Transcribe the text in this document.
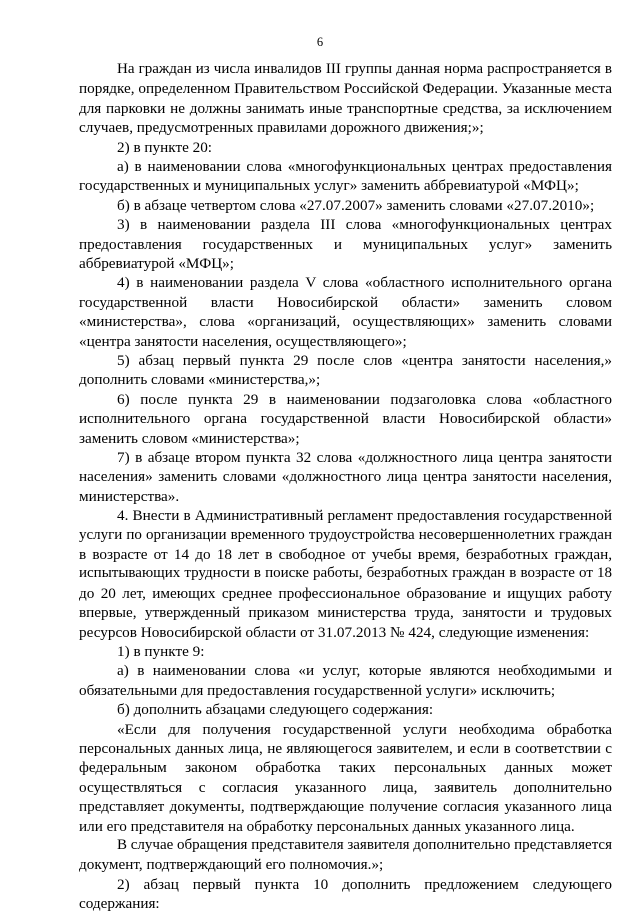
6
На граждан из числа инвалидов III группы данная норма распространяется в
порядке, определенном Правительством Российской Федерации. Указанные места
для парковки не должны занимать иные транспортные средства, за исключением
случаев, предусмотренных правилами дорожного движения;»;
2) в пункте 20:
а) в наименовании слова «многофункциональных центрах предоставления
государственных и муниципальных услуг» заменить аббревиатурой «МФЦ»;
б) в абзаце четвертом слова «27.07.2007» заменить словами «27.07.2010»;
3) в наименовании раздела III слова «многофункциональных центрах
предоставления государственных и муниципальных услуг» заменить
аббревиатурой «МФЦ»;
4) в наименовании раздела V слова «областного исполнительного органа
государственной власти Новосибирской области» заменить словом
«министерства», слова «организаций, осуществляющих» заменить словами
«центра занятости населения, осуществляющего»;
5) абзац первый пункта 29 после слов «центра занятости населения,»
дополнить словами «министерства,»;
6) после пункта 29 в наименовании подзаголовка слова «областного
исполнительного органа государственной власти Новосибирской области»
заменить словом «министерства»;
7) в абзаце втором пункта 32 слова «должностного лица центра занятости
населения» заменить словами «должностного лица центра занятости населения,
министерства».
4. Внести в Административный регламент предоставления государственной
услуги по организации временного трудоустройства несовершеннолетних граждан
в возрасте от 14 до 18 лет в свободное от учебы время, безработных граждан,
испытывающих трудности в поиске работы, безработных граждан в возрасте от 18
до 20 лет, имеющих среднее профессиональное образование и ищущих работу
впервые, утвержденный приказом министерства труда, занятости и трудовых
ресурсов Новосибирской области от 31.07.2013 № 424, следующие изменения:
1) в пункте 9:
а) в наименовании слова «и услуг, которые являются необходимыми и
обязательными для предоставления государственной услуги» исключить;
б) дополнить абзацами следующего содержания:
«Если для получения государственной услуги необходима обработка
персональных данных лица, не являющегося заявителем, и если в соответствии с
федеральным законом обработка таких персональных данных может
осуществляться с согласия указанного лица, заявитель дополнительно
представляет документы, подтверждающие получение согласия указанного лица
или его представителя на обработку персональных данных указанного лица.
В случае обращения представителя заявителя дополнительно представляется
документ, подтверждающий его полномочия.»;
2) абзац первый пункта 10 дополнить предложением следующего
содержания:
